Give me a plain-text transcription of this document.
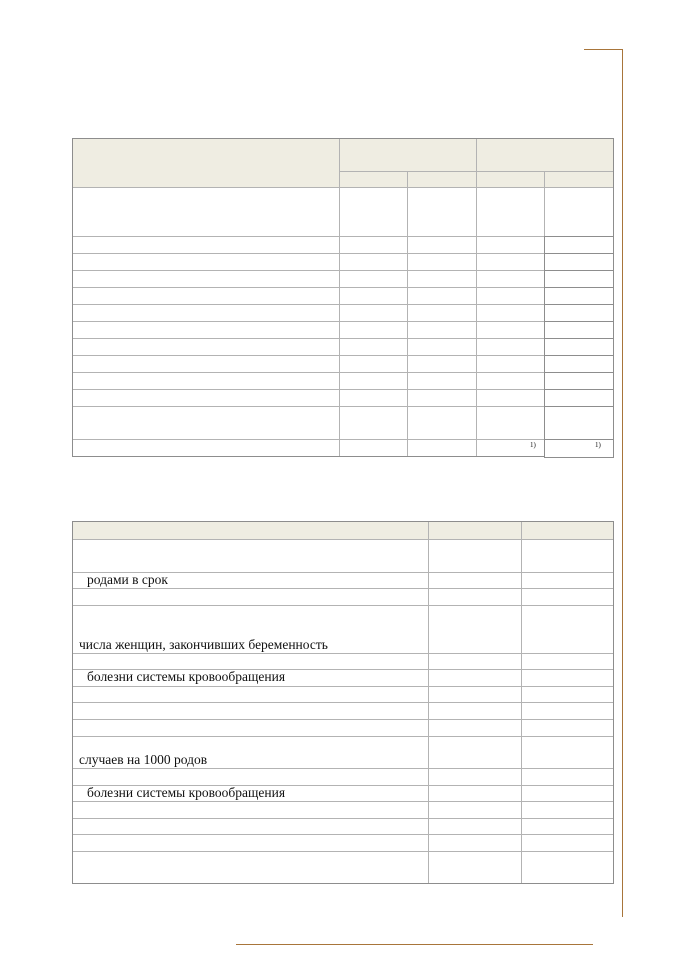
1)	1)
родами в срок
числа женщин, закончивших беременность
болезни системы кровообращения
случаев на 1000 родов
болезни системы кровообращения
